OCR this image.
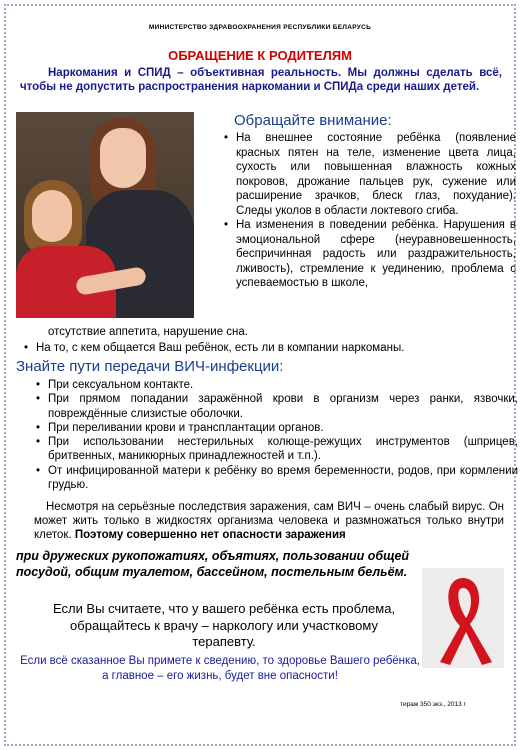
МИНИСТЕРСТВО ЗДРАВООХРАНЕНИЯ РЕСПУБЛИКИ БЕЛАРУСЬ
ОБРАЩЕНИЕ К РОДИТЕЛЯМ
Наркомания и СПИД – объективная реальность. Мы должны сделать всё, чтобы не допустить распространения наркомании и СПИДа среди наших детей.
Обращайте внимание:
• На внешнее состояние ребёнка (появление красных пятен на теле, изменение цвета лица, сухость или повышенная влажность кожных покровов, дрожание пальцев рук, сужение или расширение зрачков, блеск глаз, похудание). Следы уколов в области локтевого сгиба.
• На изменения в поведении ребёнка. Нарушения в эмоциональной сфере (неуравновешенность, беспричинная радость или раздражительность, лживость), стремление к уединению, проблема с успеваемостью в школе,
отсутствие аппетита, нарушение сна.
• На то, с кем общается Ваш ребёнок, есть ли в компании наркоманы.
Знайте пути передачи ВИЧ-инфекции:
• При сексуальном контакте.
• При прямом попадании заражённой крови в организм через ранки, язвочки, повреждённые слизистые оболочки.
• При переливании крови и трансплантации органов.
• При использовании нестерильных колюще-режущих инструментов (шприцев, бритвенных, маникюрных принадлежностей и т.п.).
• От инфицированной матери к ребёнку во время беременности, родов, при кормлении грудью.
Несмотря на серьёзные последствия заражения, сам ВИЧ – очень слабый вирус. Он может жить только в жидкостях организма человека и размножаться только внутри клеток. Поэтому совершенно нет опасности заражения
при дружеских рукопожатиях, объятиях, пользовании общей посудой, общим туалетом, бассейном, постельным бельём.
Если Вы считаете, что у вашего ребёнка есть проблема, обращайтесь к врачу – наркологу или участковому терапевту.
Если всё сказанное Вы примете к сведению, то здоровье Вашего ребёнка, а главное – его жизнь, будет вне опасности!
тираж 350 экз., 2013 г
